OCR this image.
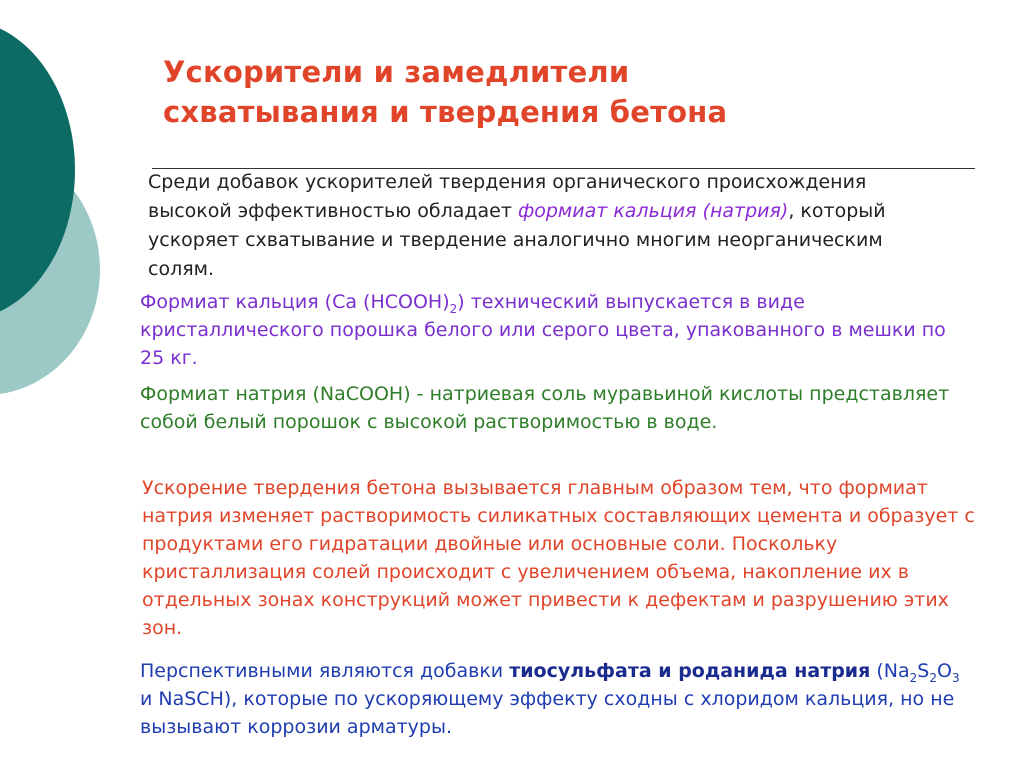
Ускорители и замедлители
схватывания и твердения бетона

Среди добавок ускорителей твердения органического происхождения высокой эффективностью обладает формиат кальция (натрия), который ускоряет схватывание и твердение аналогично многим неорганическим солям.

Формиат кальция (Ca $(HCOOH)_2$) технический выпускается в виде кристаллического порошка белого или серого цвета, упакованного в мешки по 25 кг.

Формиат натрия (NaCOOH) - натриевая соль муравьиной кислоты представляет собой белый порошок с высокой растворимостью в воде.

Ускорение твердения бетона вызывается главным образом тем, что формиат натрия изменяет растворимость силикатных составляющих цемента и образует с продуктами его гидратации двойные или основные соли. Поскольку кристаллизация солей происходит с увеличением объема, накопление их в отдельных зонах конструкций может привести к дефектам и разрушению этих зон.

Перспективными являются добавки тиосульфата и роданида натрия ($Na_2S_2O_3$ и NaSCH), которые по ускоряющему эффекту сходны с хлоридом кальция, но не вызывают коррозии арматуры.
